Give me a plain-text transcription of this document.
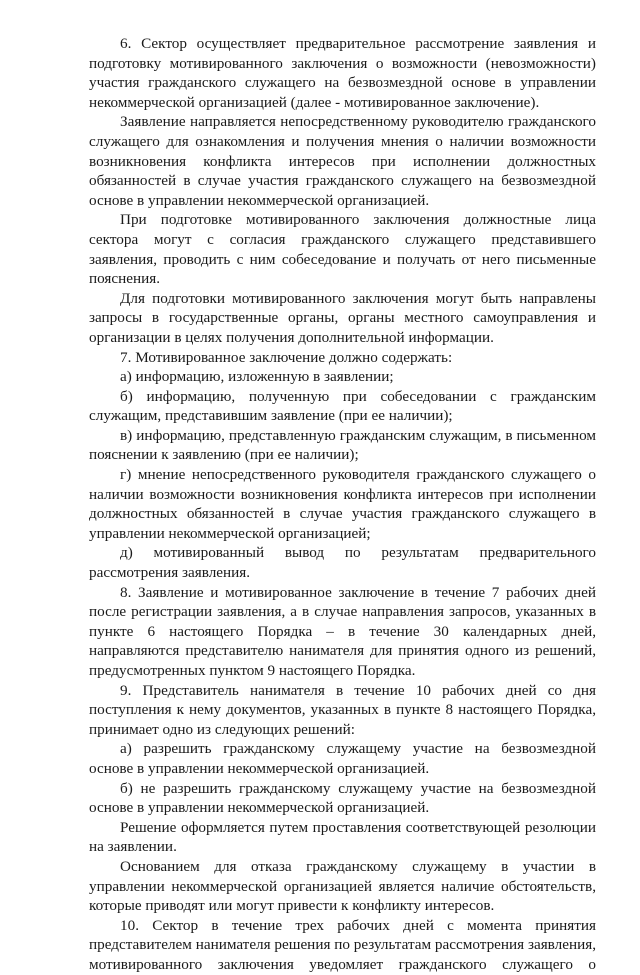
6. Сектор осуществляет предварительное рассмотрение заявления и подготовку мотивированного заключения о возможности (невозможности) участия гражданского служащего на безвозмездной основе в управлении некоммерческой организацией (далее - мотивированное заключение).

Заявление направляется непосредственному руководителю гражданского служащего для ознакомления и получения мнения о наличии возможности возникновения конфликта интересов при исполнении должностных обязанностей в случае участия гражданского служащего на безвозмездной основе в управлении некоммерческой организацией.

При подготовке мотивированного заключения должностные лица сектора могут с согласия гражданского служащего представившего заявления, проводить с ним собеседование и получать от него письменные пояснения.

Для подготовки мотивированного заключения могут быть направлены запросы в государственные органы, органы местного самоуправления и организации в целях получения дополнительной информации.

7. Мотивированное заключение должно содержать:

а) информацию, изложенную в заявлении;

б) информацию, полученную при собеседовании с гражданским служащим, представившим заявление (при ее наличии);

в) информацию, представленную гражданским служащим, в письменном пояснении к заявлению (при ее наличии);

г) мнение непосредственного руководителя гражданского служащего о наличии возможности возникновения конфликта интересов при исполнении должностных обязанностей в случае участия гражданского служащего в управлении некоммерческой организацией;

д) мотивированный вывод по результатам предварительного рассмотрения заявления.

8. Заявление и мотивированное заключение в течение 7 рабочих дней после регистрации заявления, а в случае направления запросов, указанных в пункте 6 настоящего Порядка – в течение 30 календарных дней, направляются представителю нанимателя для принятия одного из решений, предусмотренных пунктом 9 настоящего Порядка.

9. Представитель нанимателя в течение 10 рабочих дней со дня поступления к нему документов, указанных в пункте 8 настоящего Порядка, принимает одно из следующих решений:

а) разрешить гражданскому служащему участие на безвозмездной основе в управлении некоммерческой организацией.

б) не разрешить гражданскому служащему участие на безвозмездной основе в управлении некоммерческой организацией.

Решение оформляется путем проставления соответствующей резолюции на заявлении.

Основанием для отказа гражданскому служащему в участии в управлении некоммерческой организацией является наличие обстоятельств, которые приводят или могут привести к конфликту интересов.

10. Сектор в течение трех рабочих дней с момента принятия представителем нанимателя решения по результатам рассмотрения заявления, мотивированного заключения уведомляет гражданского служащего о
